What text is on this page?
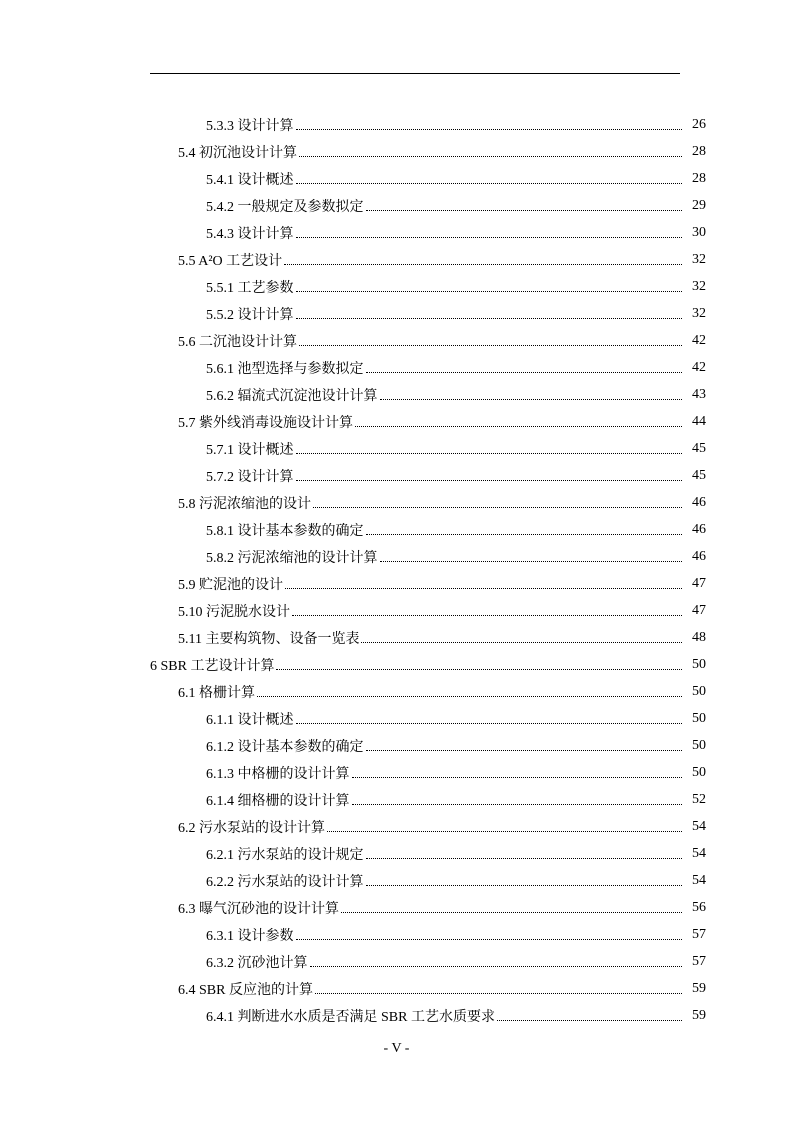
5.3.3 设计计算	26
5.4 初沉池设计计算	28
5.4.1 设计概述	28
5.4.2 一般规定及参数拟定	29
5.4.3 设计计算	30
5.5 A²O 工艺设计	32
5.5.1 工艺参数	32
5.5.2 设计计算	32
5.6 二沉池设计计算	42
5.6.1 池型选择与参数拟定	42
5.6.2 辐流式沉淀池设计计算	43
5.7 紫外线消毒设施设计计算	44
5.7.1 设计概述	45
5.7.2 设计计算	45
5.8 污泥浓缩池的设计	46
5.8.1 设计基本参数的确定	46
5.8.2 污泥浓缩池的设计计算	46
5.9 贮泥池的设计	47
5.10 污泥脱水设计	47
5.11 主要构筑物、设备一览表	48
6 SBR 工艺设计计算	50
6.1 格栅计算	50
6.1.1 设计概述	50
6.1.2 设计基本参数的确定	50
6.1.3 中格栅的设计计算	50
6.1.4 细格栅的设计计算	52
6.2 污水泵站的设计计算	54
6.2.1 污水泵站的设计规定	54
6.2.2 污水泵站的设计计算	54
6.3 曝气沉砂池的设计计算	56
6.3.1 设计参数	57
6.3.2 沉砂池计算	57
6.4 SBR 反应池的计算	59
6.4.1 判断进水水质是否满足 SBR 工艺水质要求	59
- V -
